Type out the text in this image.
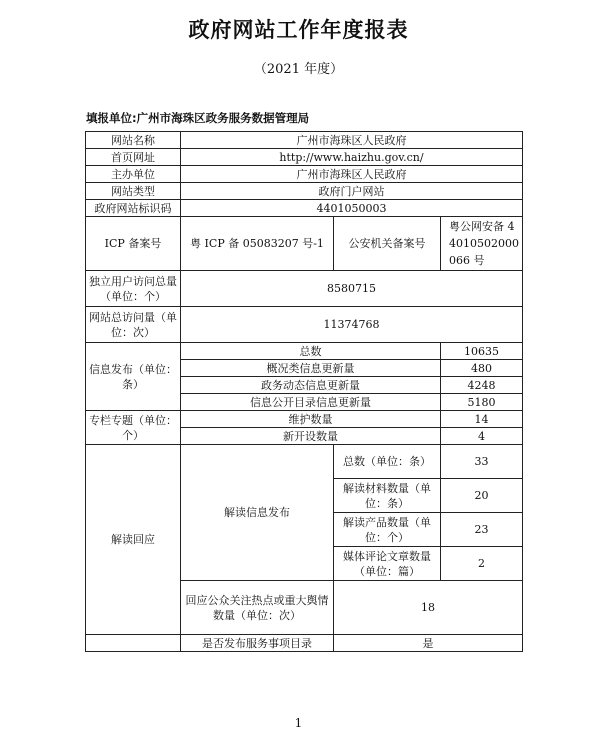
政府网站工作年度报表
（2021 年度）
填报单位:广州市海珠区政务服务数据管理局
网站名称	广州市海珠区人民政府		
首页网址	http://www.haizhu.gov.cn/		
主办单位	广州市海珠区人民政府		
网站类型	政府门户网站		
政府网站标识码	4401050003		
ICP 备案号	粤 ICP 备 05083207 号-1	公安机关备案号	粤公网安备 44010502000066 号
独立用户访问总量（单位：个）	8580715		
网站总访问量（单位：次）	11374768		
信息发布（单位：条）	总数		10635
	概况类信息更新量		480
	政务动态信息更新量		4248
	信息公开目录信息更新量		5180
专栏专题（单位：个）	维护数量		14
	新开设数量		4
解读回应	解读信息发布	总数（单位：条）	33
		解读材料数量（单位：条）	20
		解读产品数量（单位：个）	23
		媒体评论文章数量（单位：篇）	2
	回应公众关注热点或重大舆情数量（单位：次）	18	
	是否发布服务事项目录	是	
1
